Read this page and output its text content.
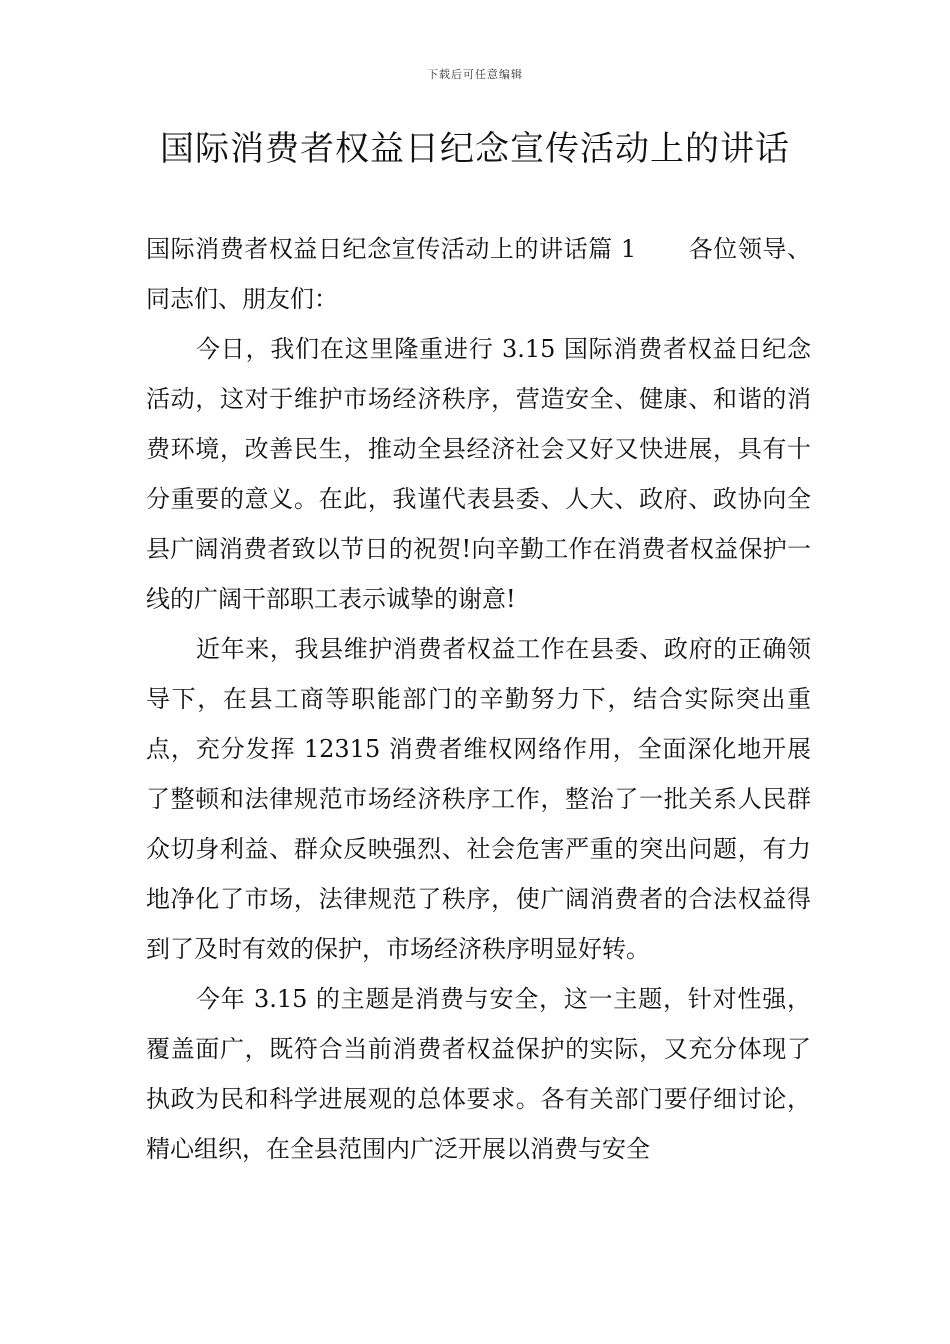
下载后可任意编辑
国际消费者权益日纪念宣传活动上的讲话

国际消费者权益日纪念宣传活动上的讲话篇 1 各位领导、同志们、朋友们：

今日，我们在这里隆重进行 3.15 国际消费者权益日纪念活动，这对于维护市场经济秩序，营造安全、健康、和谐的消费环境，改善民生，推动全县经济社会又好又快进展，具有十分重要的意义。在此，我谨代表县委、人大、政府、政协向全县广阔消费者致以节日的祝贺!向辛勤工作在消费者权益保护一线的广阔干部职工表示诚挚的谢意!

近年来，我县维护消费者权益工作在县委、政府的正确领导下，在县工商等职能部门的辛勤努力下，结合实际突出重点，充分发挥 12315 消费者维权网络作用，全面深化地开展了整顿和法律规范市场经济秩序工作，整治了一批关系人民群众切身利益、群众反映强烈、社会危害严重的突出问题，有力地净化了市场，法律规范了秩序，使广阔消费者的合法权益得到了及时有效的保护，市场经济秩序明显好转。

今年 3.15 的主题是消费与安全，这一主题，针对性强，覆盖面广，既符合当前消费者权益保护的实际，又充分体现了执政为民和科学进展观的总体要求。各有关部门要仔细讨论，精心组织，在全县范围内广泛开展以消费与安全
